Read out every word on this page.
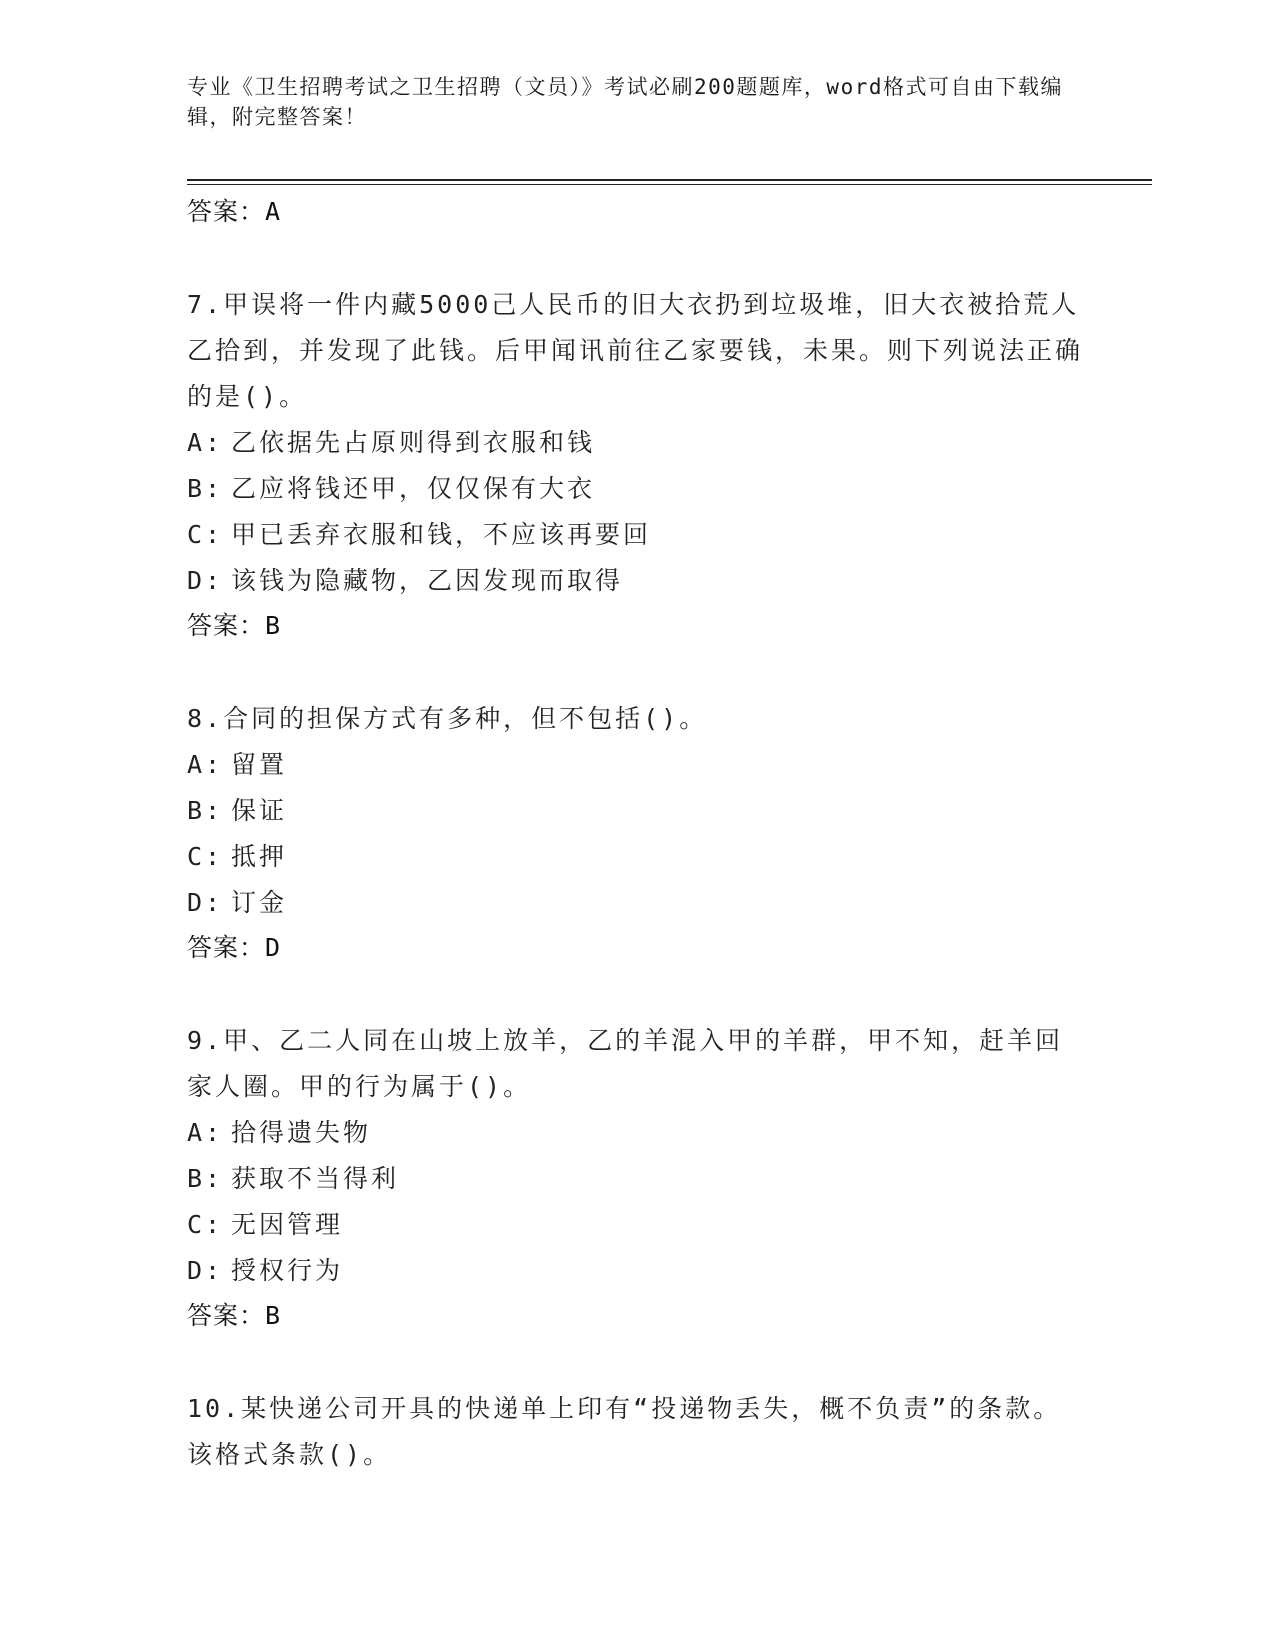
专业《卫生招聘考试之卫生招聘（文员）》考试必刷200题题库，word格式可自由下载编辑，附完整答案！
答案：A
7.甲误将一件内藏5000己人民币的旧大衣扔到垃圾堆，旧大衣被拾荒人乙拾到，并发现了此钱。后甲闻讯前往乙家要钱，未果。则下列说法正确的是()。
A: 乙依据先占原则得到衣服和钱
B: 乙应将钱还甲，仅仅保有大衣
C: 甲已丢弃衣服和钱，不应该再要回
D: 该钱为隐藏物，乙因发现而取得
答案：B
8.合同的担保方式有多种，但不包括()。
A: 留置
B: 保证
C: 抵押
D: 订金
答案：D
9.甲、乙二人同在山坡上放羊，乙的羊混入甲的羊群，甲不知，赶羊回家人圈。甲的行为属于()。
A: 拾得遗失物
B: 获取不当得利
C: 无因管理
D: 授权行为
答案：B
10.某快递公司开具的快递单上印有“投递物丢失，概不负责”的条款。该格式条款()。
